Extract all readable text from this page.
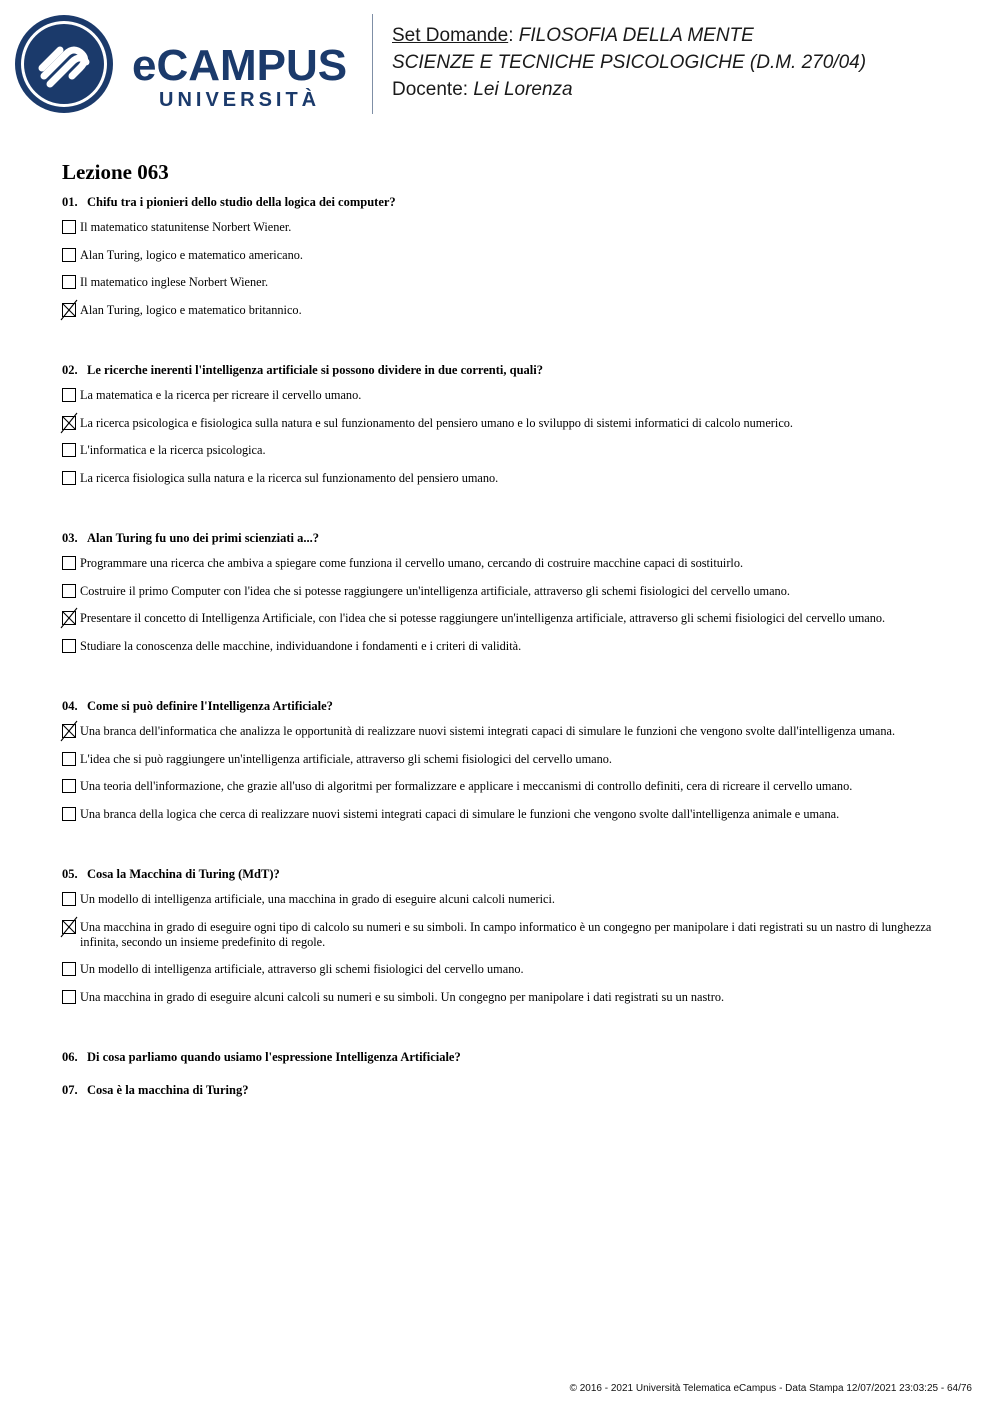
eCAMPUS
UNIVERSITÀ
Set Domande: FILOSOFIA DELLA MENTE
SCIENZE E TECNICHE PSICOLOGICHE (D.M. 270/04)
Docente: Lei Lorenza
Lezione 063
01. Chifu tra i pionieri dello studio della logica dei computer?
Il matematico statunitense Norbert Wiener.
Alan Turing, logico e matematico americano.
Il matematico inglese Norbert Wiener.
Alan Turing, logico e matematico britannico.
02. Le ricerche inerenti l'intelligenza artificiale si possono dividere in due correnti, quali?
La matematica e la ricerca per ricreare il cervello umano.
La ricerca psicologica e fisiologica sulla natura e sul funzionamento del pensiero umano e lo sviluppo di sistemi informatici di calcolo numerico.
L'informatica e la ricerca psicologica.
La ricerca fisiologica sulla natura e la ricerca sul funzionamento del pensiero umano.
03. Alan Turing fu uno dei primi scienziati a...?
Programmare una ricerca che ambiva a spiegare come funziona il cervello umano, cercando di costruire macchine capaci di sostituirlo.
Costruire il primo Computer con l'idea che si potesse raggiungere un'intelligenza artificiale, attraverso gli schemi fisiologici del cervello umano.
Presentare il concetto di Intelligenza Artificiale, con l'idea che si potesse raggiungere un'intelligenza artificiale, attraverso gli schemi fisiologici del cervello umano.
Studiare la conoscenza delle macchine, individuandone i fondamenti e i criteri di validità.
04. Come si può definire l'Intelligenza Artificiale?
Una branca dell'informatica che analizza le opportunità di realizzare nuovi sistemi integrati capaci di simulare le funzioni che vengono svolte dall'intelligenza umana.
L'idea che si può raggiungere un'intelligenza artificiale, attraverso gli schemi fisiologici del cervello umano.
Una teoria dell'informazione, che grazie all'uso di algoritmi per formalizzare e applicare i meccanismi di controllo definiti, cera di ricreare il cervello umano.
Una branca della logica che cerca di realizzare nuovi sistemi integrati capaci di simulare le funzioni che vengono svolte dall'intelligenza animale e umana.
05. Cosa la Macchina di Turing (MdT)?
Un modello di intelligenza artificiale, una macchina in grado di eseguire alcuni calcoli numerici.
Una macchina in grado di eseguire ogni tipo di calcolo su numeri e su simboli. In campo informatico è un congegno per manipolare i dati registrati su un nastro di lunghezza infinita, secondo un insieme predefinito di regole.
Un modello di intelligenza artificiale, attraverso gli schemi fisiologici del cervello umano.
Una macchina in grado di eseguire alcuni calcoli su numeri e su simboli. Un congegno per manipolare i dati registrati su un nastro.
06. Di cosa parliamo quando usiamo l'espressione Intelligenza Artificiale?
07. Cosa è la macchina di Turing?
© 2016 - 2021 Università Telematica eCampus - Data Stampa 12/07/2021 23:03:25 - 64/76
